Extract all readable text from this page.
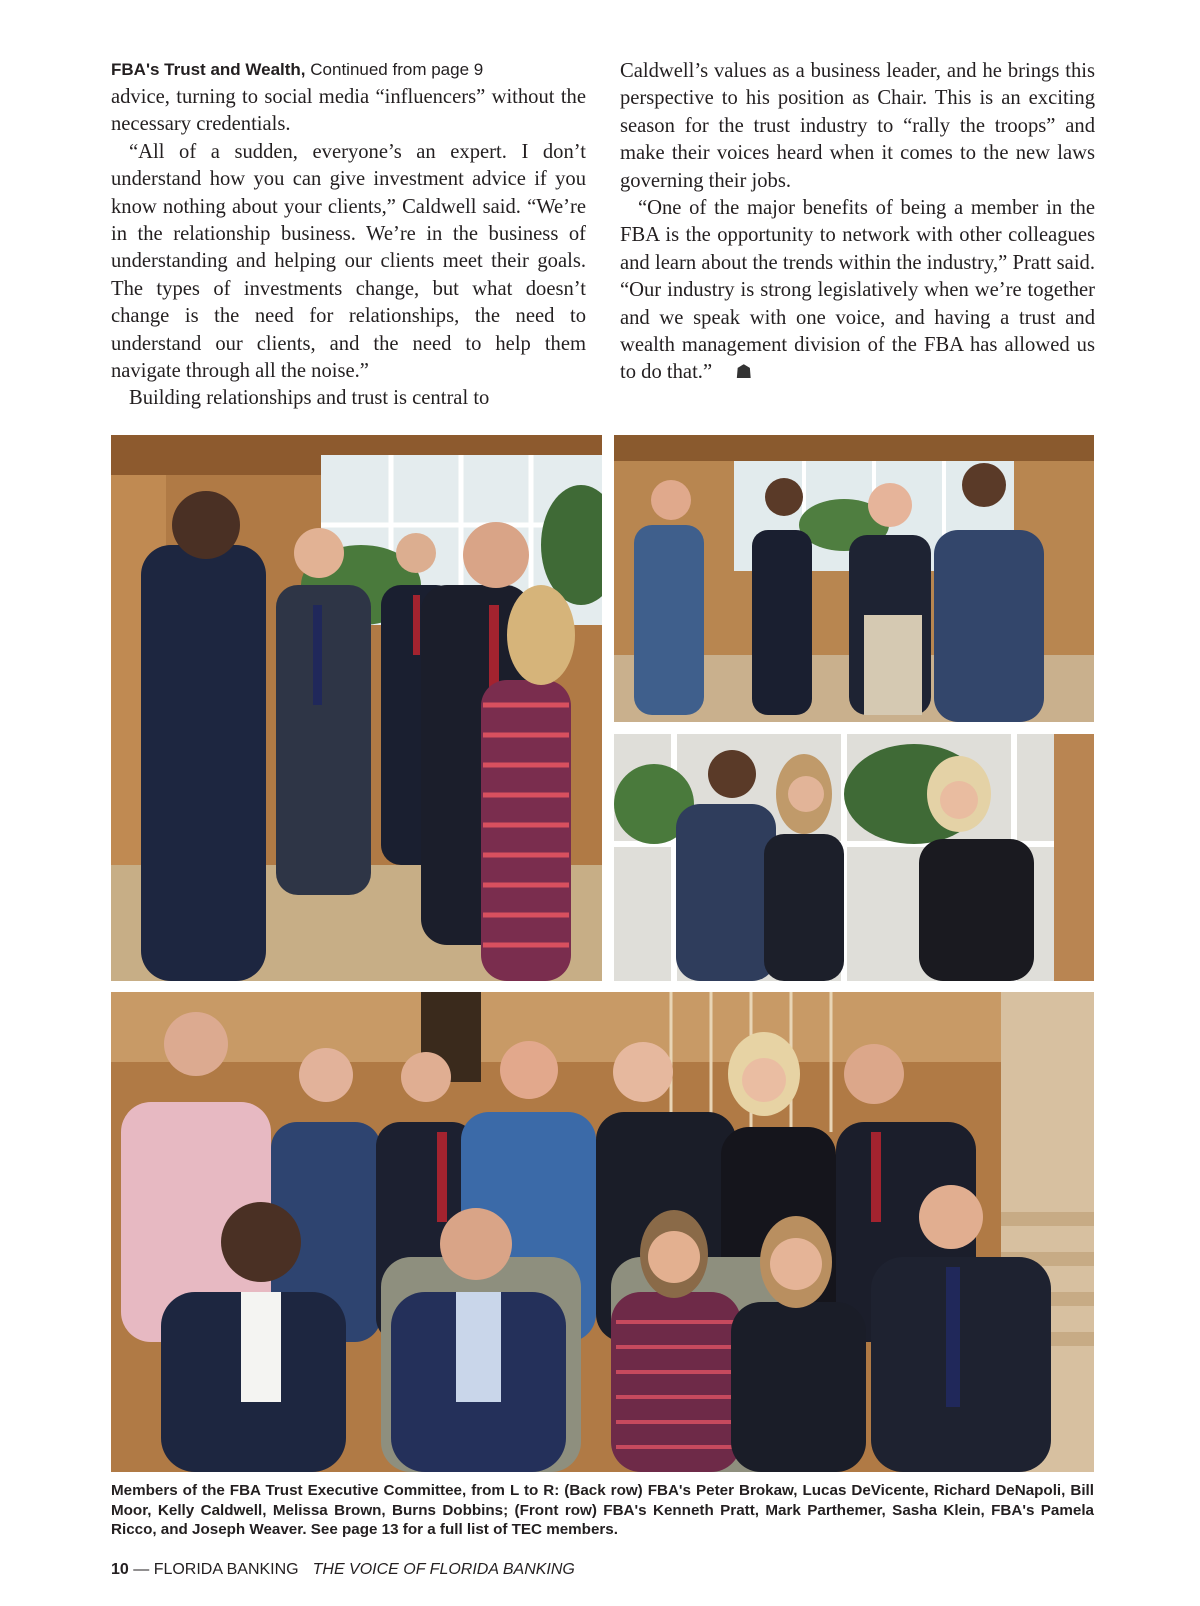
FBA's Trust and Wealth, Continued from page 9

advice, turning to social media “influencers” without the necessary credentials.

“All of a sudden, everyone’s an expert. I don’t understand how you can give investment advice if you know nothing about your clients,” Caldwell said. “We’re in the relationship business. We’re in the business of understanding and helping our clients meet their goals. The types of investments change, but what doesn’t change is the need for relationships, the need to understand our clients, and the need to help them navigate through all the noise.”

Building relationships and trust is central to

Caldwell’s values as a business leader, and he brings this perspective to his position as Chair. This is an exciting season for the trust industry to “rally the troops” and make their voices heard when it comes to the new laws governing their jobs.

“One of the major benefits of being a member in the FBA is the opportunity to network with other colleagues and learn about the trends within the industry,” Pratt said. “Our industry is strong legislatively when we’re together and we speak with one voice, and having a trust and wealth management division of the FBA has allowed us to do that.” ☗

Members of the FBA Trust Executive Committee, from L to R: (Back row) FBA's Peter Brokaw, Lucas DeVicente, Richard DeNapoli, Bill Moor, Kelly Caldwell, Melissa Brown, Burns Dobbins; (Front row) FBA's Kenneth Pratt, Mark Parthemer, Sasha Klein, FBA's Pamela Ricco, and Joseph Weaver. See page 13 for a full list of TEC members.
10 — FLORIDA BANKING THE VOICE OF FLORIDA BANKING
